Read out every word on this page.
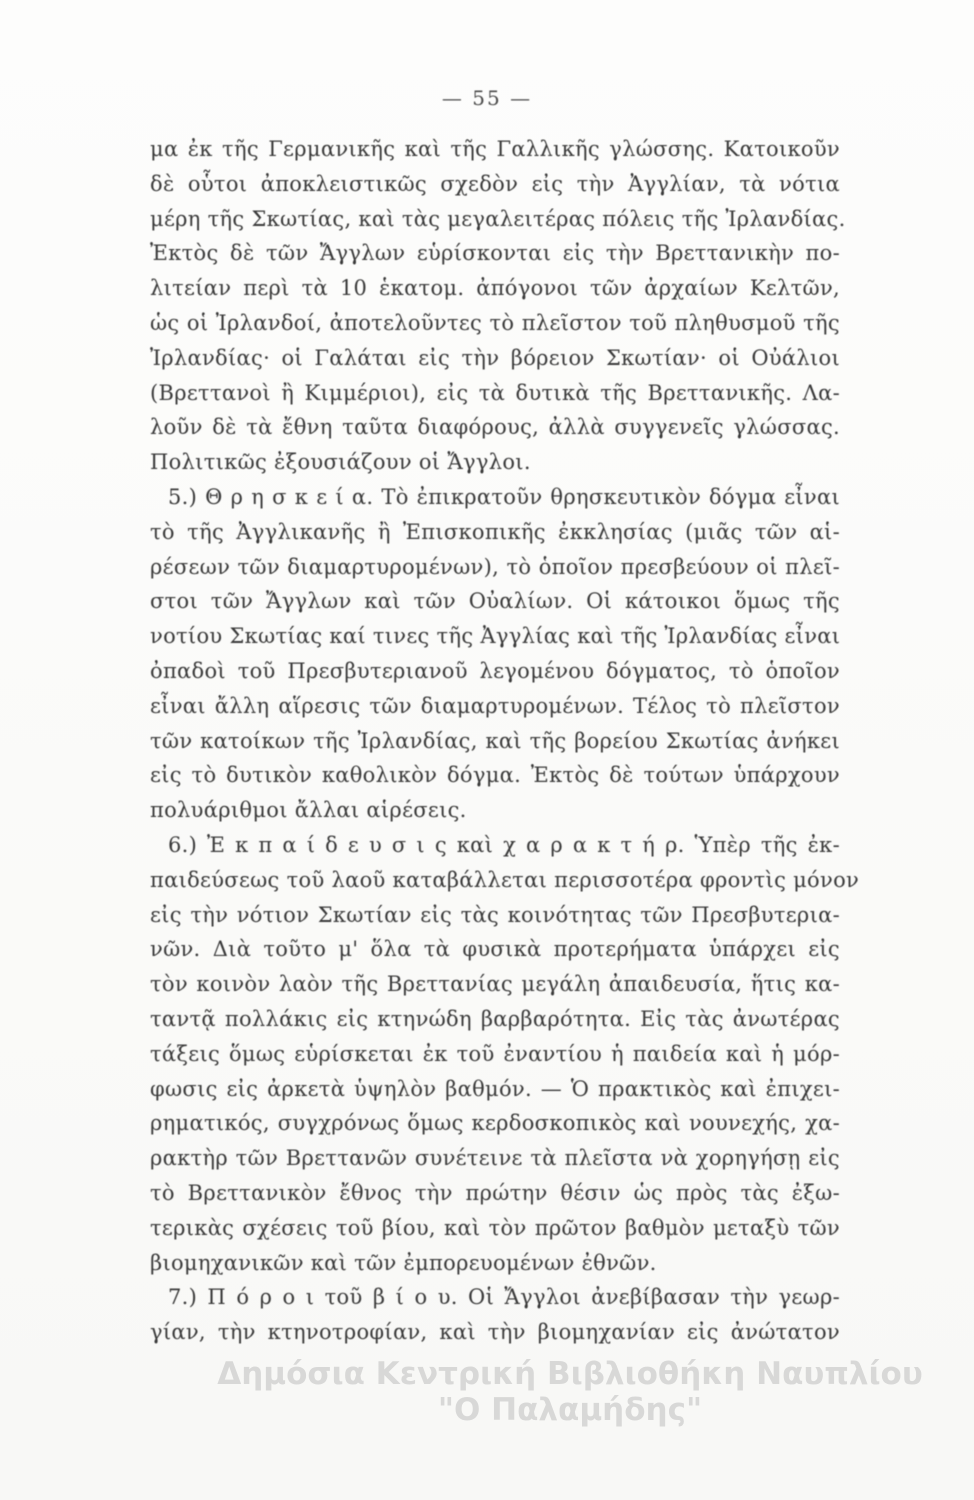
— 55 —
μα ἐκ τῆς Γερμανικῆς καὶ τῆς Γαλλικῆς γλώσσης. Κατοικοῦν
δὲ οὗτοι ἀποκλειστικῶς σχεδὸν εἰς τὴν Ἀγγλίαν, τὰ νότια
μέρη τῆς Σκωτίας, καὶ τὰς μεγαλειτέρας πόλεις τῆς Ἰρλανδίας.
Ἐκτὸς δὲ τῶν Ἄγγλων εὑρίσκονται εἰς τὴν Βρεττανικὴν πο-
λιτείαν περὶ τὰ 10 ἑκατομ. ἀπόγονοι τῶν ἀρχαίων Κελτῶν,
ὡς οἱ Ἰρλανδοί, ἀποτελοῦντες τὸ πλεῖστον τοῦ πληθυσμοῦ τῆς
Ἰρλανδίας· οἱ Γαλάται εἰς τὴν βόρειον Σκωτίαν· οἱ Οὐάλιοι
(Βρεττανοὶ ἢ Κιμμέριοι), εἰς τὰ δυτικὰ τῆς Βρεττανικῆς. Λα-
λοῦν δὲ τὰ ἔθνη ταῦτα διαφόρους, ἀλλὰ συγγενεῖς γλώσσας.
Πολιτικῶς ἐξουσιάζουν οἱ Ἄγγλοι.
5.) Θ ρ η σ κ ε ί α. Τὸ ἐπικρατοῦν θρησκευτικὸν δόγμα εἶναι
τὸ τῆς Ἀγγλικανῆς ἢ Ἐπισκοπικῆς ἐκκλησίας (μιᾶς τῶν αἱ-
ρέσεων τῶν διαμαρτυρομένων), τὸ ὁποῖον πρεσβεύουν οἱ πλεῖ-
στοι τῶν Ἄγγλων καὶ τῶν Οὐαλίων. Οἱ κάτοικοι ὅμως τῆς
νοτίου Σκωτίας καί τινες τῆς Ἀγγλίας καὶ τῆς Ἰρλανδίας εἶναι
ὀπαδοὶ τοῦ Πρεσβυτεριανοῦ λεγομένου δόγματος, τὸ ὁποῖον
εἶναι ἄλλη αἵρεσις τῶν διαμαρτυρομένων. Τέλος τὸ πλεῖστον
τῶν κατοίκων τῆς Ἰρλανδίας, καὶ τῆς βορείου Σκωτίας ἀνήκει
εἰς τὸ δυτικὸν καθολικὸν δόγμα. Ἐκτὸς δὲ τούτων ὑπάρχουν
πολυάριθμοι ἄλλαι αἱρέσεις.
6.) Ἐ κ π α ί δ ε υ σ ι ς καὶ χ α ρ α κ τ ή ρ. Ὑπὲρ τῆς ἐκ-
παιδεύσεως τοῦ λαοῦ καταβάλλεται περισσοτέρα φροντὶς μόνον
εἰς τὴν νότιον Σκωτίαν εἰς τὰς κοινότητας τῶν Πρεσβυτερια-
νῶν. Διὰ τοῦτο μ' ὅλα τὰ φυσικὰ προτερήματα ὑπάρχει εἰς
τὸν κοινὸν λαὸν τῆς Βρεττανίας μεγάλη ἀπαιδευσία, ἥτις κα-
ταντᾷ πολλάκις εἰς κτηνώδη βαρβαρότητα. Εἰς τὰς ἀνωτέρας
τάξεις ὅμως εὑρίσκεται ἐκ τοῦ ἐναντίου ἡ παιδεία καὶ ἡ μόρ-
φωσις εἰς ἀρκετὰ ὑψηλὸν βαθμόν. — Ὁ πρακτικὸς καὶ ἐπιχει-
ρηματικός, συγχρόνως ὅμως κερδοσκοπικὸς καὶ νουνεχής, χα-
ρακτὴρ τῶν Βρεττανῶν συνέτεινε τὰ πλεῖστα νὰ χορηγήσῃ εἰς
τὸ Βρεττανικὸν ἔθνος τὴν πρώτην θέσιν ὡς πρὸς τὰς ἐξω-
τερικὰς σχέσεις τοῦ βίου, καὶ τὸν πρῶτον βαθμὸν μεταξὺ τῶν
βιομηχανικῶν καὶ τῶν ἐμπορευομένων ἐθνῶν.
7.) Π ό ρ ο ι τοῦ β ί ο υ. Οἱ Ἄγγλοι ἀνεβίβασαν τὴν γεωρ-
γίαν, τὴν κτηνοτροφίαν, καὶ τὴν βιομηχανίαν εἰς ἀνώτατον
Δημόσια Κεντρική Βιβλιοθήκη Ναυπλίου
"Ο Παλαμήδης"
